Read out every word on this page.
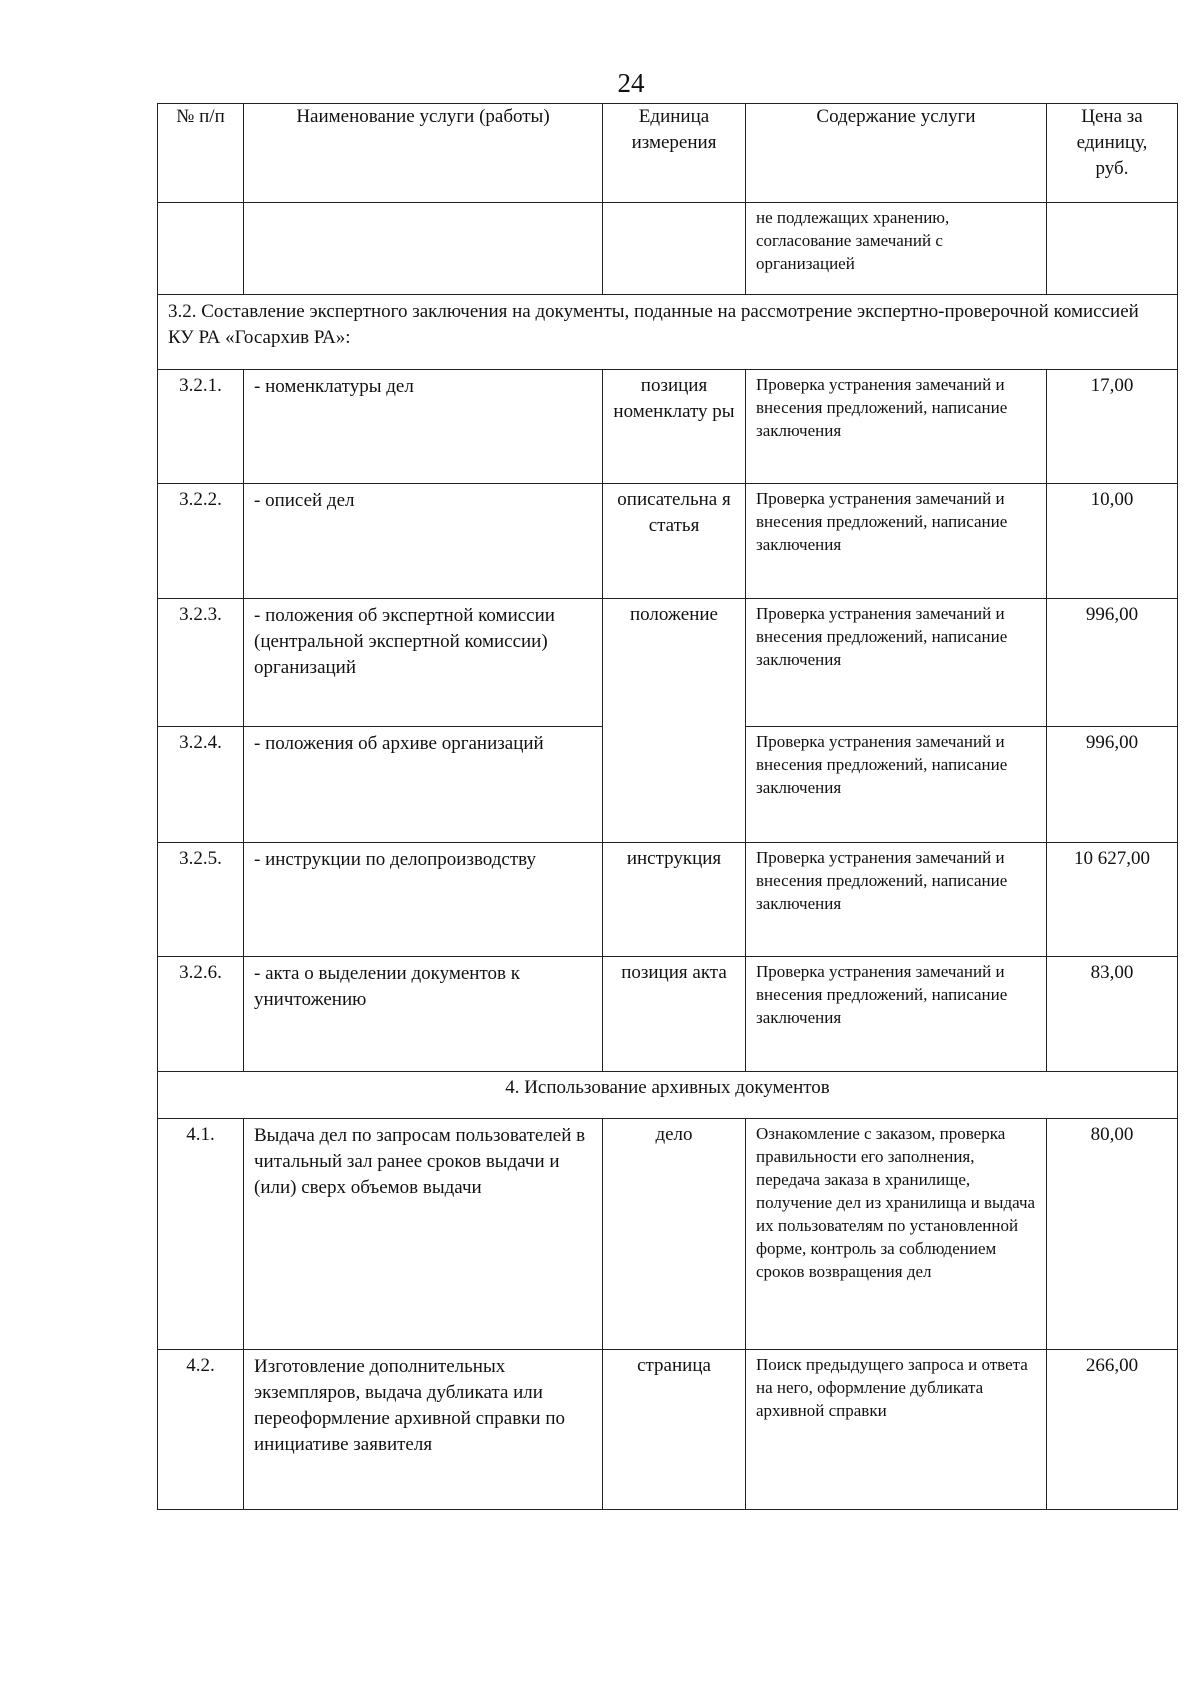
24
№ п/п	Наименование услуги (работы)	Единица измерения	Содержание услуги	Цена за единицу, руб.
			не подлежащих хранению, согласование замечаний с организацией	
3.2. Составление экспертного заключения на документы, поданные на рассмотрение экспертно-проверочной комиссией КУ РА «Госархив РА»:				
3.2.1.	- номенклатуры дел	позиция номенклату ры	Проверка устранения замечаний и внесения предложений, написание заключения	17,00
3.2.2.	- описей дел	описательна я статья	Проверка устранения замечаний и внесения предложений, написание заключения	10,00
3.2.3.	- положения об экспертной комиссии (центральной экспертной комиссии) организаций	положение	Проверка устранения замечаний и внесения предложений, написание заключения	996,00
3.2.4.	- положения об архиве организаций		Проверка устранения замечаний и внесения предложений, написание заключения	996,00
3.2.5.	- инструкции по делопроизводству	инструкция	Проверка устранения замечаний и внесения предложений, написание заключения	10 627,00
3.2.6.	- акта о выделении документов к уничтожению	позиция акта	Проверка устранения замечаний и внесения предложений, написание заключения	83,00
4. Использование архивных документов				
4.1.	Выдача дел по запросам пользователей в читальный зал ранее сроков выдачи и (или) сверх объемов выдачи	дело	Ознакомление с заказом, проверка правильности его заполнения, передача заказа в хранилище, получение дел из хранилища и выдача их пользователям по установленной форме, контроль за соблюдением сроков возвращения дел	80,00
4.2.	Изготовление дополнительных экземпляров, выдача дубликата или переоформление архивной справки по инициативе заявителя	страница	Поиск предыдущего запроса и ответа на него, оформление дубликата архивной справки	266,00
